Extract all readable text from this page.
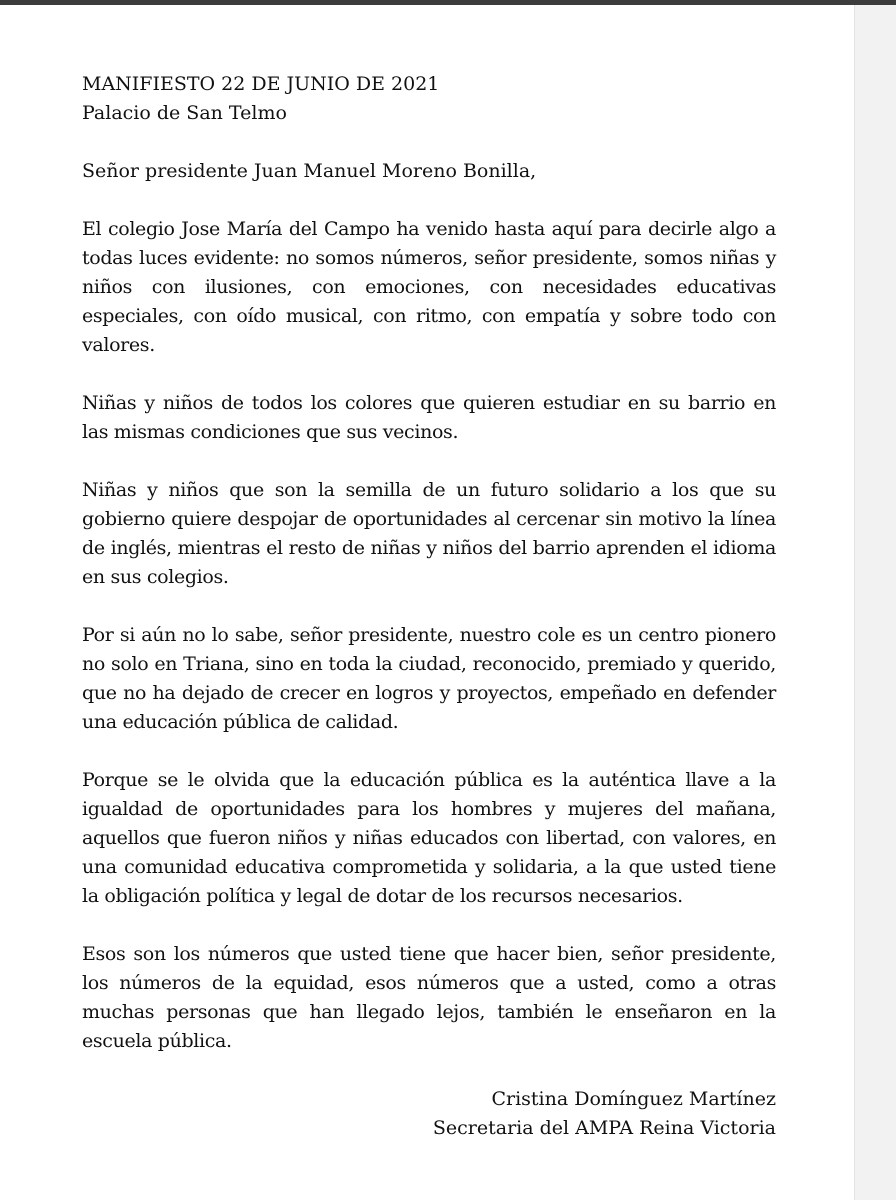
MANIFIESTO 22 DE JUNIO DE 2021

Palacio de San Telmo

Señor presidente Juan Manuel Moreno Bonilla,

El colegio Jose María del Campo ha venido hasta aquí para decirle algo a todas luces evidente: no somos números, señor presidente, somos niñas y niños con ilusiones, con emociones, con necesidades educativas especiales, con oído musical, con ritmo, con empatía y sobre todo con valores.

Niñas y niños de todos los colores que quieren estudiar en su barrio en las mismas condiciones que sus vecinos.

Niñas y niños que son la semilla de un futuro solidario a los que su gobierno quiere despojar de oportunidades al cercenar sin motivo la línea de inglés, mientras el resto de niñas y niños del barrio aprenden el idioma en sus colegios.

Por si aún no lo sabe, señor presidente, nuestro cole es un centro pionero no solo en Triana, sino en toda la ciudad, reconocido, premiado y querido, que no ha dejado de crecer en logros y proyectos, empeñado en defender una educación pública de calidad.

Porque se le olvida que la educación pública es la auténtica llave a la igualdad de oportunidades para los hombres y mujeres del mañana, aquellos que fueron niños y niñas educados con libertad, con valores, en una comunidad educativa comprometida y solidaria, a la que usted tiene la obligación política y legal de dotar de los recursos necesarios.

Esos son los números que usted tiene que hacer bien, señor presidente, los números de la equidad, esos números que a usted, como a otras muchas personas que han llegado lejos, también le enseñaron en la escuela pública.

Cristina Domínguez Martínez
Secretaria del AMPA Reina Victoria
